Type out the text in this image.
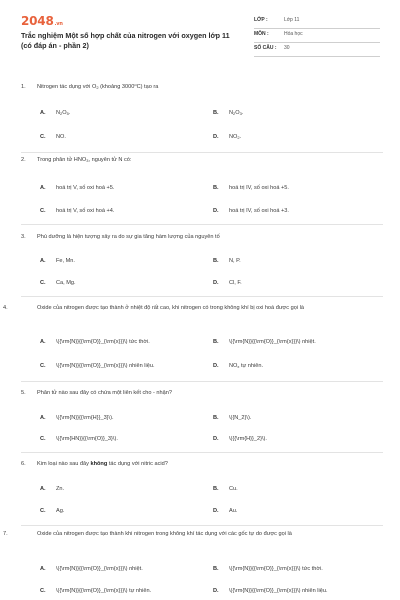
2048.vn
Trắc nghiệm Một số hợp chất của nitrogen với oxygen lớp 11 (có đáp án - phần 2)
LỚP :	Lớp 11
MÔN :	Hóa học
SỐ CÂU : 30
1. Nitrogen tác dụng với $O_2$ (khoảng 3000$^o$C) tạo ra
A. $N_2O_5$.	B. $N_2O_3$.
C. NO.	D. $NO_2$.
2. Trong phân tử $HNO_3$, nguyên tử N có:
A. hoá trị V, số oxi hoá +5.	B. hoá trị IV, số oxi hoá +5.
C. hoá trị V, số oxi hoá +4.	D. hoá trị IV, số oxi hoá +3.
3. Phú dưỡng là hiện tượng xảy ra do sự gia tăng hàm lượng của nguyên tố
A. Fe, Mn.	B. N, P.
C. Ca, Mg.	D. Cl, F.
4.	Oxide của nitrogen được tạo thành ở nhiệt độ rất cao, khi nitrogen có trong không khí bị oxi hoá được gọi là
A. \({\rm{N}}{{\rm{O}}_{\rm{x}}}\) tức thời.	B. \({\rm{N}}{{\rm{O}}_{\rm{x}}}\) nhiệt.
C. \({\rm{N}}{{\rm{O}}_{\rm{x}}}\) nhiên liệu.	D. $NO_x$ tự nhiên.
5. Phân tử nào sau đây có chứa một liên kết cho - nhận?
A. \({\rm{N}}{{\rm{H}}_3}\).	B. \({N_2}\).
C. \({\rm{HN}}{{\rm{O}}_3}\).	D. \({{\rm{H}}_2}\).
6. Kim loại nào sau đây không tác dụng với nitric acid?
A. Zn.	B. Cu.
C. Ag.	D. Au.
7.	Oxide của nitrogen được tạo thành khi nitrogen trong không khí tác dụng với các gốc tự do được gọi là
A. \({\rm{N}}{{\rm{O}}_{\rm{x}}}\) nhiệt.	B. \({\rm{N}}{{\rm{O}}_{\rm{x}}}\) tức thời.
C. \({\rm{N}}{{\rm{O}}_{\rm{x}}}\) tự nhiên.	D. \({\rm{N}}{{\rm{O}}_{\rm{x}}}\) nhiên liệu.
